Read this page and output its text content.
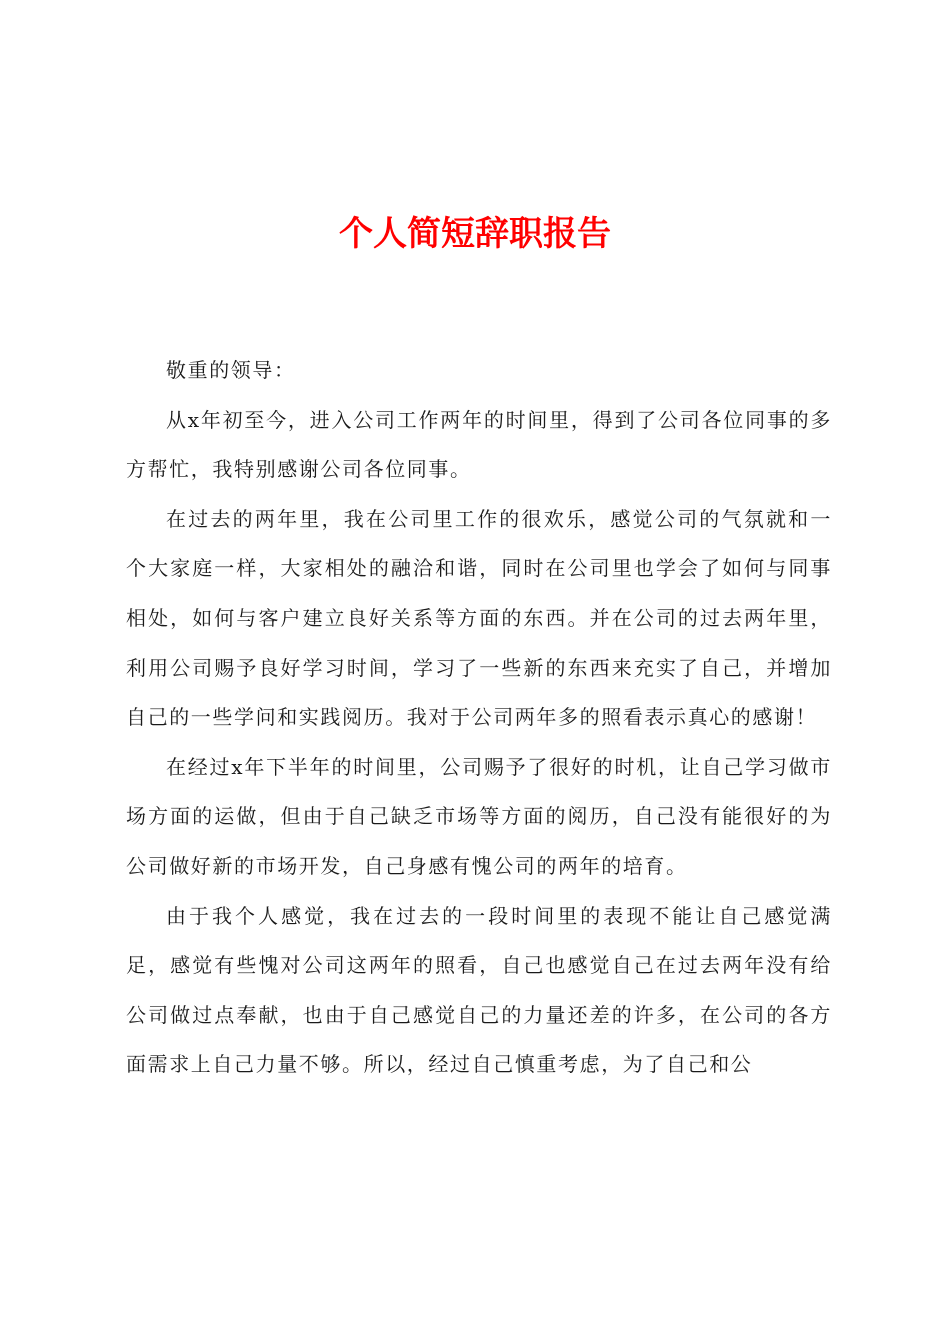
个人简短辞职报告

敬重的领导：

从x年初至今，进入公司工作两年的时间里，得到了公司各位同事的多方帮忙，我特别感谢公司各位同事。

在过去的两年里，我在公司里工作的很欢乐，感觉公司的气氛就和一个大家庭一样，大家相处的融洽和谐，同时在公司里也学会了如何与同事相处，如何与客户建立良好关系等方面的东西。并在公司的过去两年里，利用公司赐予良好学习时间，学习了一些新的东西来充实了自己，并增加自己的一些学问和实践阅历。我对于公司两年多的照看表示真心的感谢！

在经过x年下半年的时间里，公司赐予了很好的时机，让自己学习做市场方面的运做，但由于自己缺乏市场等方面的阅历，自己没有能很好的为公司做好新的市场开发，自己身感有愧公司的两年的培育。

由于我个人感觉，我在过去的一段时间里的表现不能让自己感觉满足，感觉有些愧对公司这两年的照看，自己也感觉自己在过去两年没有给公司做过点奉献，也由于自己感觉自己的力量还差的许多，在公司的各方面需求上自己力量不够。所以，经过自己慎重考虑，为了自己和公
